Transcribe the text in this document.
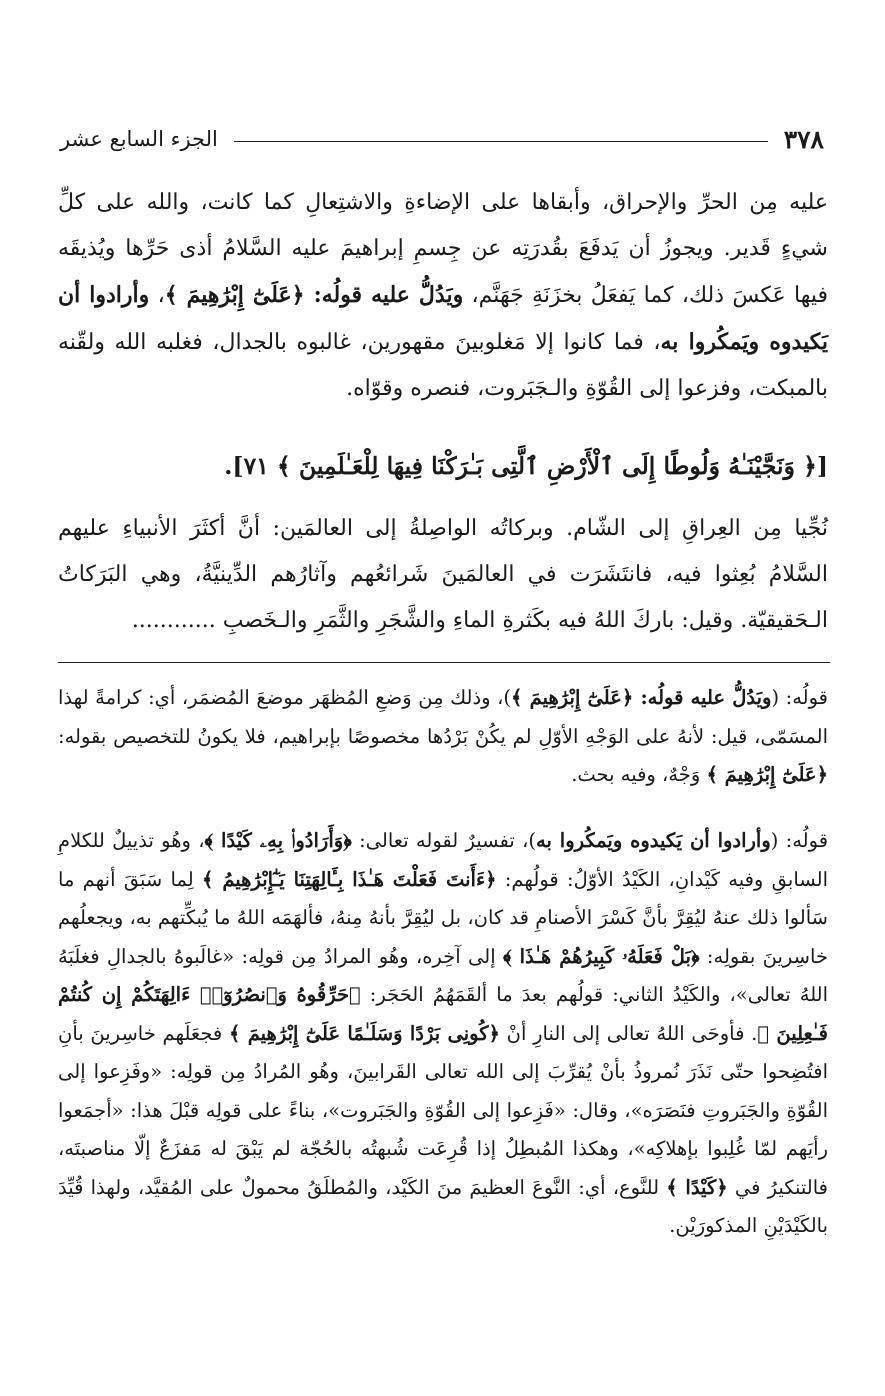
٣٧٨
الجزء السابع عشر

عليه مِن الحرِّ والإحراق، وأبقاها على الإضاءةِ والاشتِعالِ كما كانت، والله على كلِّ شيءٍ قَدير. ويجوزُ أن يَدفَعَ بقُدرَتِه عن جِسمِ إبراهيمَ عليه السَّلامُ أذى حَرِّها ويُذيقَه فيها عَكسَ ذلك، كما يَفعَلُ بخزَنَةِ جَهَنَّم، ويَدُلُّ عليه قولُه: ﴿عَلَىٰٓ إِبْرَٰهِيمَ ﴾، وأرادوا أن يَكيدوه ويَمكُروا به، فما كانوا إلا مَغلوبينَ مقهورين، غالبوه بالجدال، فغلبه الله ولقّنه بالمبكت، وفزعوا إلى القُوّةِ والـجَبَروت، فنصره وقوّاه.

[﴿ وَنَجَّيْنَـٰهُ وَلُوطًا إِلَى ٱلْأَرْضِ ٱلَّتِى بَـٰرَكْنَا فِيهَا لِلْعَـٰلَمِينَ ﴾ ٧١].

نُجِّيا مِن العِراقِ إلى الشّام. وبركاتُه الواصِلةُ إلى العالمَين: أنَّ أكثَرَ الأنبياءِ عليهم السَّلامُ بُعِثوا فيه، فانتَشَرَت في العالمَينَ شَرائعُهم وآثارُهم الدِّينيَّةُ، وهي البَرَكاتُ الـحَقيقيّة. وقيل: باركَ اللهُ فيه بكَثرةِ الماءِ والشَّجَرِ والثَّمَرِ والـخَصبِ ............

قولُه: (ويَدُلُّ عليه قولُه: ﴿عَلَىٰٓ إِبْرَٰهِيمَ ﴾)، وذلك مِن وَضعِ المُظهَر موضعَ المُضمَر، أي: كرامةً لهذا المسَمّى، قيل: لأنهُ على الوَجْهِ الأوّلِ لم يكُنْ بَرْدُها مخصوصًا بإبراهيم، فلا يكونُ للتخصيص بقوله: ﴿عَلَىٰٓ إِبْرَٰهِيمَ ﴾ وَجْهٌ، وفيه بحث.

قولُه: (وأرادوا أن يَكيدوه ويَمكُروا به)، تفسيرٌ لقوله تعالى: ﴿وَأَرَادُوا۟ بِهِۦ كَيْدًا ﴾، وهُو تذييلٌ للكلامِ السابقِ وفيه كَيْدانِ، الكَيْدُ الأوّلُ: قولُهم: ﴿ءَأَنتَ فَعَلْتَ هَـٰذَا بِـَٔالِهَتِنَا يَـٰٓإِبْرَٰهِيمُ ﴾ لِما سَبَقَ أنهم ما سَألوا ذلك عنهُ ليُقِرَّ بأنَّ كَسْرَ الأصنامِ قد كان، بل ليُقِرَّ بأنهُ مِنهُ، فألهَمَه اللهُ ما يُبكِّتهم به، ويجعلُهم خاسِرينَ بقولِه: ﴿بَلْ فَعَلَهُۥ كَبِيرُهُمْ هَـٰذَا ﴾ إلى آخِره، وهُو المرادُ مِن قولِه: «غالَبوهُ بالجدالِ فغلَبَهُ اللهُ تعالى»، والكَيْدُ الثاني: قولُهم بعدَ ما ألقَمَهُمُ الحَجَر: ﴿حَرِّقُوهُ وَٱنصُرُوٓا۟ ءَالِهَتَكُمْ إِن كُنتُمْ فَـٰعِلِينَ ﴾. فأوحَى اللهُ تعالى إلى النارِ أنْ ﴿كُونِى بَرْدًا وَسَلَـٰمًا عَلَىٰٓ إِبْرَٰهِيمَ ﴾ فجعَلَهم خاسِرينَ بأنِ افتُضِحوا حتّى نَذَرَ نُمروذُ بأنْ يُقرِّبَ إلى الله تعالى القَرابينَ، وهُو المُرادُ مِن قولِه: «وفَزِعوا إلى القُوّةِ والجَبَروتِ فنَصَرَه»، وقال: «فَزِعوا إلى القُوّةِ والجَبَروت»، بناءً على قولِه قبْلَ هذا: «أجمَعوا رأيَهم لمّا غُلِبوا بإهلاكِه»، وهكذا المُبطِلُ إذا قُرِعَت شُبهتُه بالحُجّة لم يَبْقَ له مَفزَعٌ إلّا مناصبتَه، فالتنكيرُ في ﴿كَيْدًا ﴾ للنَّوع، أي: النَّوعَ العظيمَ منَ الكَيْد، والمُطلَقُ محمولٌ على المُقيَّد، ولهذا قُيِّدَ بالكَيْدَيْنِ المذكورَيْن.
